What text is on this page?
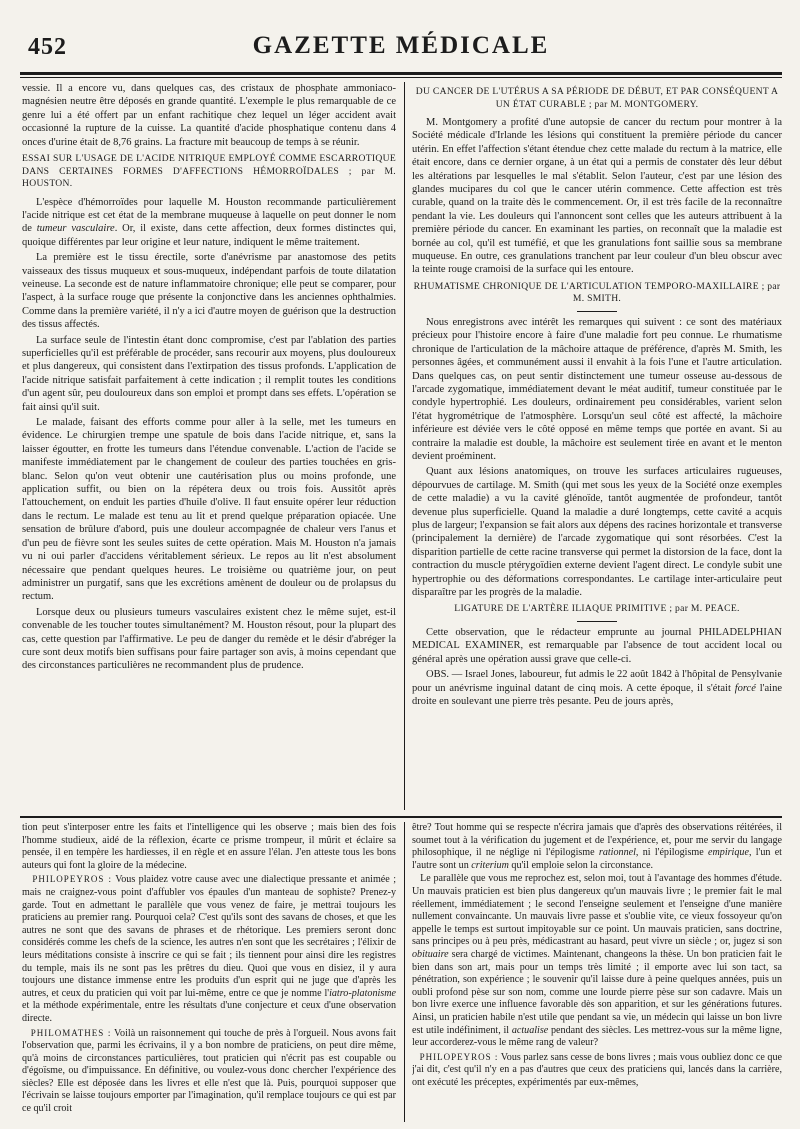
452	GAZETTE MÉDICALE

vessie. Il a encore vu, dans quelques cas, des cristaux de phosphate ammoniaco-magnésien neutre être déposés en grande quantité. L'exemple le plus remarquable de ce genre lui a été offert par un enfant rachitique chez lequel un léger accident avait occasionné la rupture de la cuisse. La quantité d'acide phosphatique contenu dans 4 onces d'urine était de 8,76 grains. La fracture mit beaucoup de temps à se réunir.

ESSAI SUR L'USAGE DE L'ACIDE NITRIQUE EMPLOYÉ COMME ESCARROTIQUE DANS CERTAINES FORMES D'AFFECTIONS HÉMORROÏDALES ; par M. HOUSTON.

L'espèce d'hémorroïdes pour laquelle M. Houston recommande particulièrement l'acide nitrique est cet état de la membrane muqueuse à laquelle on peut donner le nom de tumeur vasculaire. Or, il existe, dans cette affection, deux formes distinctes qui, quoique différentes par leur origine et leur nature, indiquent le même traitement.

La première est le tissu érectile, sorte d'anévrisme par anastomose des petits vaisseaux des tissus muqueux et sous-muqueux, indépendant parfois de toute dilatation veineuse. La seconde est de nature inflammatoire chronique; elle peut se comparer, pour l'aspect, à la surface rouge que présente la conjonctive dans les anciennes ophthalmies. Comme dans la première variété, il n'y a ici d'autre moyen de guérison que la destruction des tissus affectés.

La surface seule de l'intestin étant donc compromise, c'est par l'ablation des parties superficielles qu'il est préférable de procéder, sans recourir aux moyens, plus douloureux et plus dangereux, qui consistent dans l'extirpation des tissus profonds. L'application de l'acide nitrique satisfait parfaitement à cette indication ; il remplit toutes les conditions d'un agent sûr, peu douloureux dans son emploi et prompt dans ses effets. L'opération se fait ainsi qu'il suit.

Le malade, faisant des efforts comme pour aller à la selle, met les tumeurs en évidence. Le chirurgien trempe une spatule de bois dans l'acide nitrique, et, sans la laisser égoutter, en frotte les tumeurs dans l'étendue convenable. L'action de l'acide se manifeste immédiatement par le changement de couleur des parties touchées en gris-blanc. Selon qu'on veut obtenir une cautérisation plus ou moins profonde, une application suffit, ou bien on la répétera deux ou trois fois. Aussitôt après l'attouchement, on enduit les parties d'huile d'olive. Il faut ensuite opérer leur réduction dans le rectum. Le malade est tenu au lit et prend quelque préparation opiacée. Une sensation de brûlure d'abord, puis une douleur accompagnée de chaleur vers l'anus et d'un peu de fièvre sont les seules suites de cette opération. Mais M. Houston n'a jamais vu ni oui parler d'accidens véritablement sérieux. Le repos au lit n'est absolument nécessaire que pendant quelques heures. Le troisième ou quatrième jour, on peut administrer un purgatif, sans que les excrétions amènent de douleur ou de prolapsus du rectum.

Lorsque deux ou plusieurs tumeurs vasculaires existent chez le même sujet, est-il convenable de les toucher toutes simultanément? M. Houston résout, pour la plupart des cas, cette question par l'affirmative. Le peu de danger du remède et le désir d'abréger la cure sont deux motifs bien suffisans pour faire partager son avis, à moins cependant que des circonstances particulières ne recommandent plus de prudence.

DU CANCER DE L'UTÉRUS A SA PÉRIODE DE DÉBUT, ET PAR CONSÉQUENT A UN ÉTAT CURABLE ; par M. MONTGOMERY.

M. Montgomery a profité d'une autopsie de cancer du rectum pour montrer à la Société médicale d'Irlande les lésions qui constituent la première période du cancer utérin. En effet l'affection s'étant étendue chez cette malade du rectum à la matrice, elle était encore, dans ce dernier organe, à un état qui a permis de constater dès leur début les altérations par lesquelles le mal s'établit. Selon l'auteur, c'est par une lésion des glandes mucipares du col que le cancer utérin commence. Cette affection est très curable, quand on la traite dès le commencement. Or, il est très facile de la reconnaître pendant la vie. Les douleurs qui l'annoncent sont celles que les auteurs attribuent à la première période du cancer. En examinant les parties, on reconnaît que la maladie est bornée au col, qu'il est tuméfié, et que les granulations font saillie sous sa membrane muqueuse. En outre, ces granulations tranchent par leur couleur d'un bleu obscur avec la teinte rouge cramoisi de la surface qui les entoure.

RHUMATISME CHRONIQUE DE L'ARTICULATION TEMPORO-MAXILLAIRE ; par M. SMITH.

Nous enregistrons avec intérêt les remarques qui suivent : ce sont des matériaux précieux pour l'histoire encore à faire d'une maladie fort peu connue. Le rhumatisme chronique de l'articulation de la mâchoire attaque de préférence, d'après M. Smith, les personnes âgées, et communément aussi il envahit à la fois l'une et l'autre articulation. Dans quelques cas, on peut sentir distinctement une tumeur osseuse au-dessous de l'arcade zygomatique, immédiatement devant le méat auditif, tumeur constituée par le condyle hypertrophié. Les douleurs, ordinairement peu considérables, varient selon l'état hygrométrique de l'atmosphère. Lorsqu'un seul côté est affecté, la mâchoire inférieure est déviée vers le côté opposé en même temps que portée en avant. Si au contraire la maladie est double, la mâchoire est seulement tirée en avant et le menton devient proéminent.

Quant aux lésions anatomiques, on trouve les surfaces articulaires rugueuses, dépourvues de cartilage. M. Smith (qui met sous les yeux de la Société onze exemples de cette maladie) a vu la cavité glénoïde, tantôt augmentée de profondeur, tantôt devenue plus superficielle. Quand la maladie a duré longtemps, cette cavité a acquis plus de largeur; l'expansion se fait alors aux dépens des racines horizontale et transverse (principalement la dernière) de l'arcade zygomatique qui sont résorbées. C'est la disparition partielle de cette racine transverse qui permet la distorsion de la face, dont la contraction du muscle ptérygoïdien externe devient l'agent direct. Le condyle subit une hypertrophie ou des déformations correspondantes. Le cartilage inter-articulaire peut disparaître par les progrès de la maladie.

LIGATURE DE L'ARTÈRE ILIAQUE PRIMITIVE ; par M. PEACE.

Cette observation, que le rédacteur emprunte au journal PHILADELPHIAN MEDICAL EXAMINER, est remarquable par l'absence de tout accident local ou général après une opération aussi grave que celle-ci.

OBS. — Israel Jones, laboureur, fut admis le 22 août 1842 à l'hôpital de Pensylvanie pour un anévrisme inguinal datant de cinq mois. A cette époque, il s'était forcé l'aine droite en soulevant une pierre très pesante. Peu de jours après,

tion peut s'interposer entre les faits et l'intelligence qui les observe ; mais bien des fois l'homme studieux, aidé de la réflexion, écarte ce prisme trompeur, il mûrit et éclaire sa pensée, il en tempère les hardiesses, il en règle et en assure l'élan. J'en atteste tous les bons auteurs qui font la gloire de la médecine.

PHILOPEYROS : Vous plaidez votre cause avec une dialectique pressante et animée ; mais ne craignez-vous point d'affubler vos épaules d'un manteau de sophiste? Prenez-y garde. Tout en admettant le parallèle que vous venez de faire, je mettrai toujours les praticiens au premier rang. Pourquoi cela? C'est qu'ils sont des savans de choses, et que les autres ne sont que des savans de phrases et de rhétorique. Les premiers seront donc considérés comme les chefs de la science, les autres n'en sont que les secrétaires ; l'élixir de leurs méditations consiste à inscrire ce qui se fait ; ils tiennent pour ainsi dire les registres du temple, mais ils ne sont pas les prêtres du dieu. Quoi que vous en disiez, il y aura toujours une distance immense entre les produits d'un esprit qui ne juge que d'après les autres, et ceux du praticien qui voit par lui-même, entre ce que je nomme l'iatro-platonisme et la méthode expérimentale, entre les résultats d'une conjecture et ceux d'une observation directe.

PHILOMATHES : Voilà un raisonnement qui touche de près à l'orgueil. Nous avons fait l'observation que, parmi les écrivains, il y a bon nombre de praticiens, on peut dire même, qu'à moins de circonstances particulières, tout praticien qui n'écrit pas est coupable ou d'égoïsme, ou d'impuissance. En définitive, ou voulez-vous donc chercher l'expérience des siècles? Elle est déposée dans les livres et elle n'est que là. Puis, pourquoi supposer que l'écrivain se laisse toujours emporter par l'imagination, qu'il remplace toujours ce qui est par ce qu'il croit

être? Tout homme qui se respecte n'écrira jamais que d'après des observations réitérées, il soumet tout à la vérification du jugement et de l'expérience, et, pour me servir du langage philosophique, il ne néglige ni l'épilogisme rationnel, ni l'épilogisme empirique, l'un et l'autre sont un criterium qu'il emploie selon la circonstance.

Le parallèle que vous me reprochez est, selon moi, tout à l'avantage des hommes d'étude. Un mauvais praticien est bien plus dangereux qu'un mauvais livre ; le premier fait le mal réellement, immédiatement ; le second l'enseigne seulement et l'enseigne d'une manière nullement convaincante. Un mauvais livre passe et s'oublie vite, ce vieux fossoyeur qu'on appelle le temps est surtout impitoyable sur ce point. Un mauvais praticien, sans doctrine, sans principes ou à peu près, médicastrant au hasard, peut vivre un siècle ; or, jugez si son obituaire sera chargé de victimes. Maintenant, changeons la thèse. Un bon praticien fait le bien dans son art, mais pour un temps très limité ; il emporte avec lui son tact, sa pénétration, son expérience ; le souvenir qu'il laisse dure à peine quelques années, puis un oubli profond pèse sur son nom, comme une lourde pierre pèse sur son cadavre. Mais un bon livre exerce une influence favorable dès son apparition, et sur les générations futures. Ainsi, un praticien habile n'est utile que pendant sa vie, un médecin qui laisse un bon livre est utile indéfiniment, il actualise pendant des siècles. Les mettrez-vous sur la même ligne, leur accorderez-vous le même rang de valeur?

PHILOPEYROS : Vous parlez sans cesse de bons livres ; mais vous oubliez donc ce que j'ai dit, c'est qu'il n'y en a pas d'autres que ceux des praticiens qui, lancés dans la carrière, ont exécuté les préceptes, expérimentés par eux-mêmes,
